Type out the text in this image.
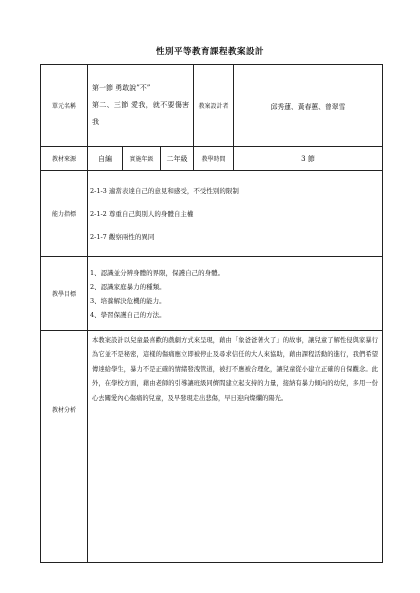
性別平等教育課程教案設計
單元名稱	第一節 勇敢說”不”
第二、三節 愛我，就不要傷害
我			教案設計者	邱秀蓮、黃春蕙、曾翠雪
教材來源	自編	實施年級	二年級	教學時間	3 節
能力指標	2-1-3 適當表達自己的意見和感受，不受性別的限制
2-1-2 尊重自己與別人的身體自主權
2-1-7 觀察兩性的異同				

教學目標	1、認識並分辨身體的界限，保護自己的身體。
2、認識家庭暴力的種類。
3、培養解決危機的能力。
4、學習保護自己的方法。				

教材分析	本教案設計以兒童最喜歡的戲劇方式來呈現，藉由「象爸爸著火了」的故事，讓兒童了解性侵與家暴行為它並不是秘密，這樣的傷痛應立即被停止及尋求信任的大人來協助，藉由課程活動的進行，我們希望傳達給學生，暴力不是正確的情緒發洩管道，被打不應被合理化，讓兒童從小建立正確的自保觀念。此外，在學校方面，藉由老師的引導讓班級同儕間建立起支持的力量，接納有暴力傾向的幼兒，多用一份心去關愛內心傷痛的兒童，及早發現走出悲傷，早日迎向燦爛的陽光。				
